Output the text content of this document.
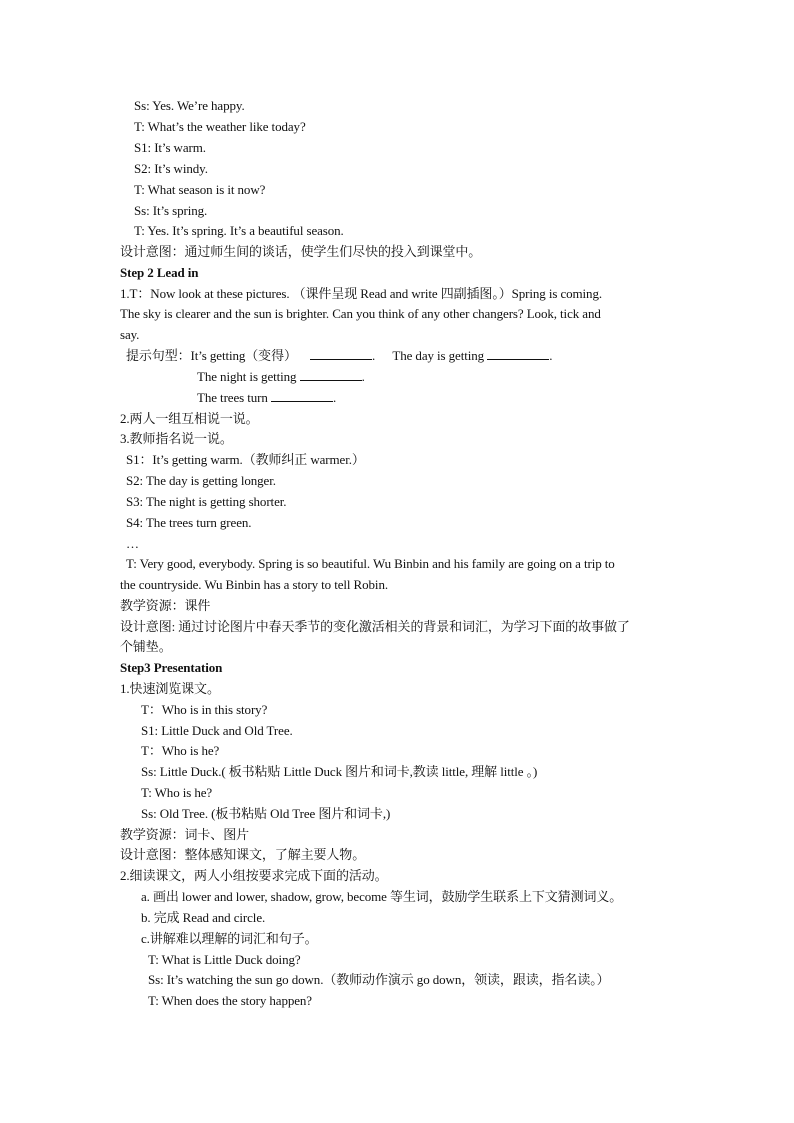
Ss: Yes. We’re happy.
T: What’s the weather like today?
S1: It’s warm.
S2: It’s windy.
T: What season is it now?
Ss: It’s spring.
T: Yes. It’s spring. It’s a beautiful season.
设计意图：通过师生间的谈话，使学生们尽快的投入到课堂中。
Step 2 Lead in
1.T：Now look at these pictures. （课件呈现 Read and write 四副插图。）Spring is coming.
The sky is clearer and the sun is brighter. Can you think of any other changers? Look, tick and
say.
提示句型：It’s getting（变得）	. The day is getting	.
The night is getting	.
The trees turn	.
2.两人一组互相说一说。
3.教师指名说一说。
S1：It’s getting warm.（教师纠正 warmer.）
S2: The day is getting longer.
S3: The night is getting shorter.
S4: The trees turn green.
…
T: Very good, everybody. Spring is so beautiful. Wu Binbin and his family are going on a trip to
the countryside. Wu Binbin has a story to tell Robin.
教学资源：课件
设计意图: 通过讨论图片中春天季节的变化激活相关的背景和词汇，为学习下面的故事做了
个铺垫。
Step3 Presentation
1.快速浏览课文。
T：Who is in this story?
S1: Little Duck and Old Tree.
T：Who is he?
Ss: Little Duck.( 板书粘贴 Little Duck 图片和词卡,教读 little, 理解 little 。)
T: Who is he?
Ss: Old Tree. (板书粘贴 Old Tree 图片和词卡,)
教学资源：词卡、图片
设计意图：整体感知课文，了解主要人物。
2.细读课文，两人小组按要求完成下面的活动。
a. 画出 lower and lower, shadow, grow, become 等生词，鼓励学生联系上下文猜测词义。
b. 完成 Read and circle.
c.讲解难以理解的词汇和句子。
T: What is Little Duck doing?
Ss: It’s watching the sun go down.（教师动作演示 go down，领读，跟读，指名读。）
T: When does the story happen?
